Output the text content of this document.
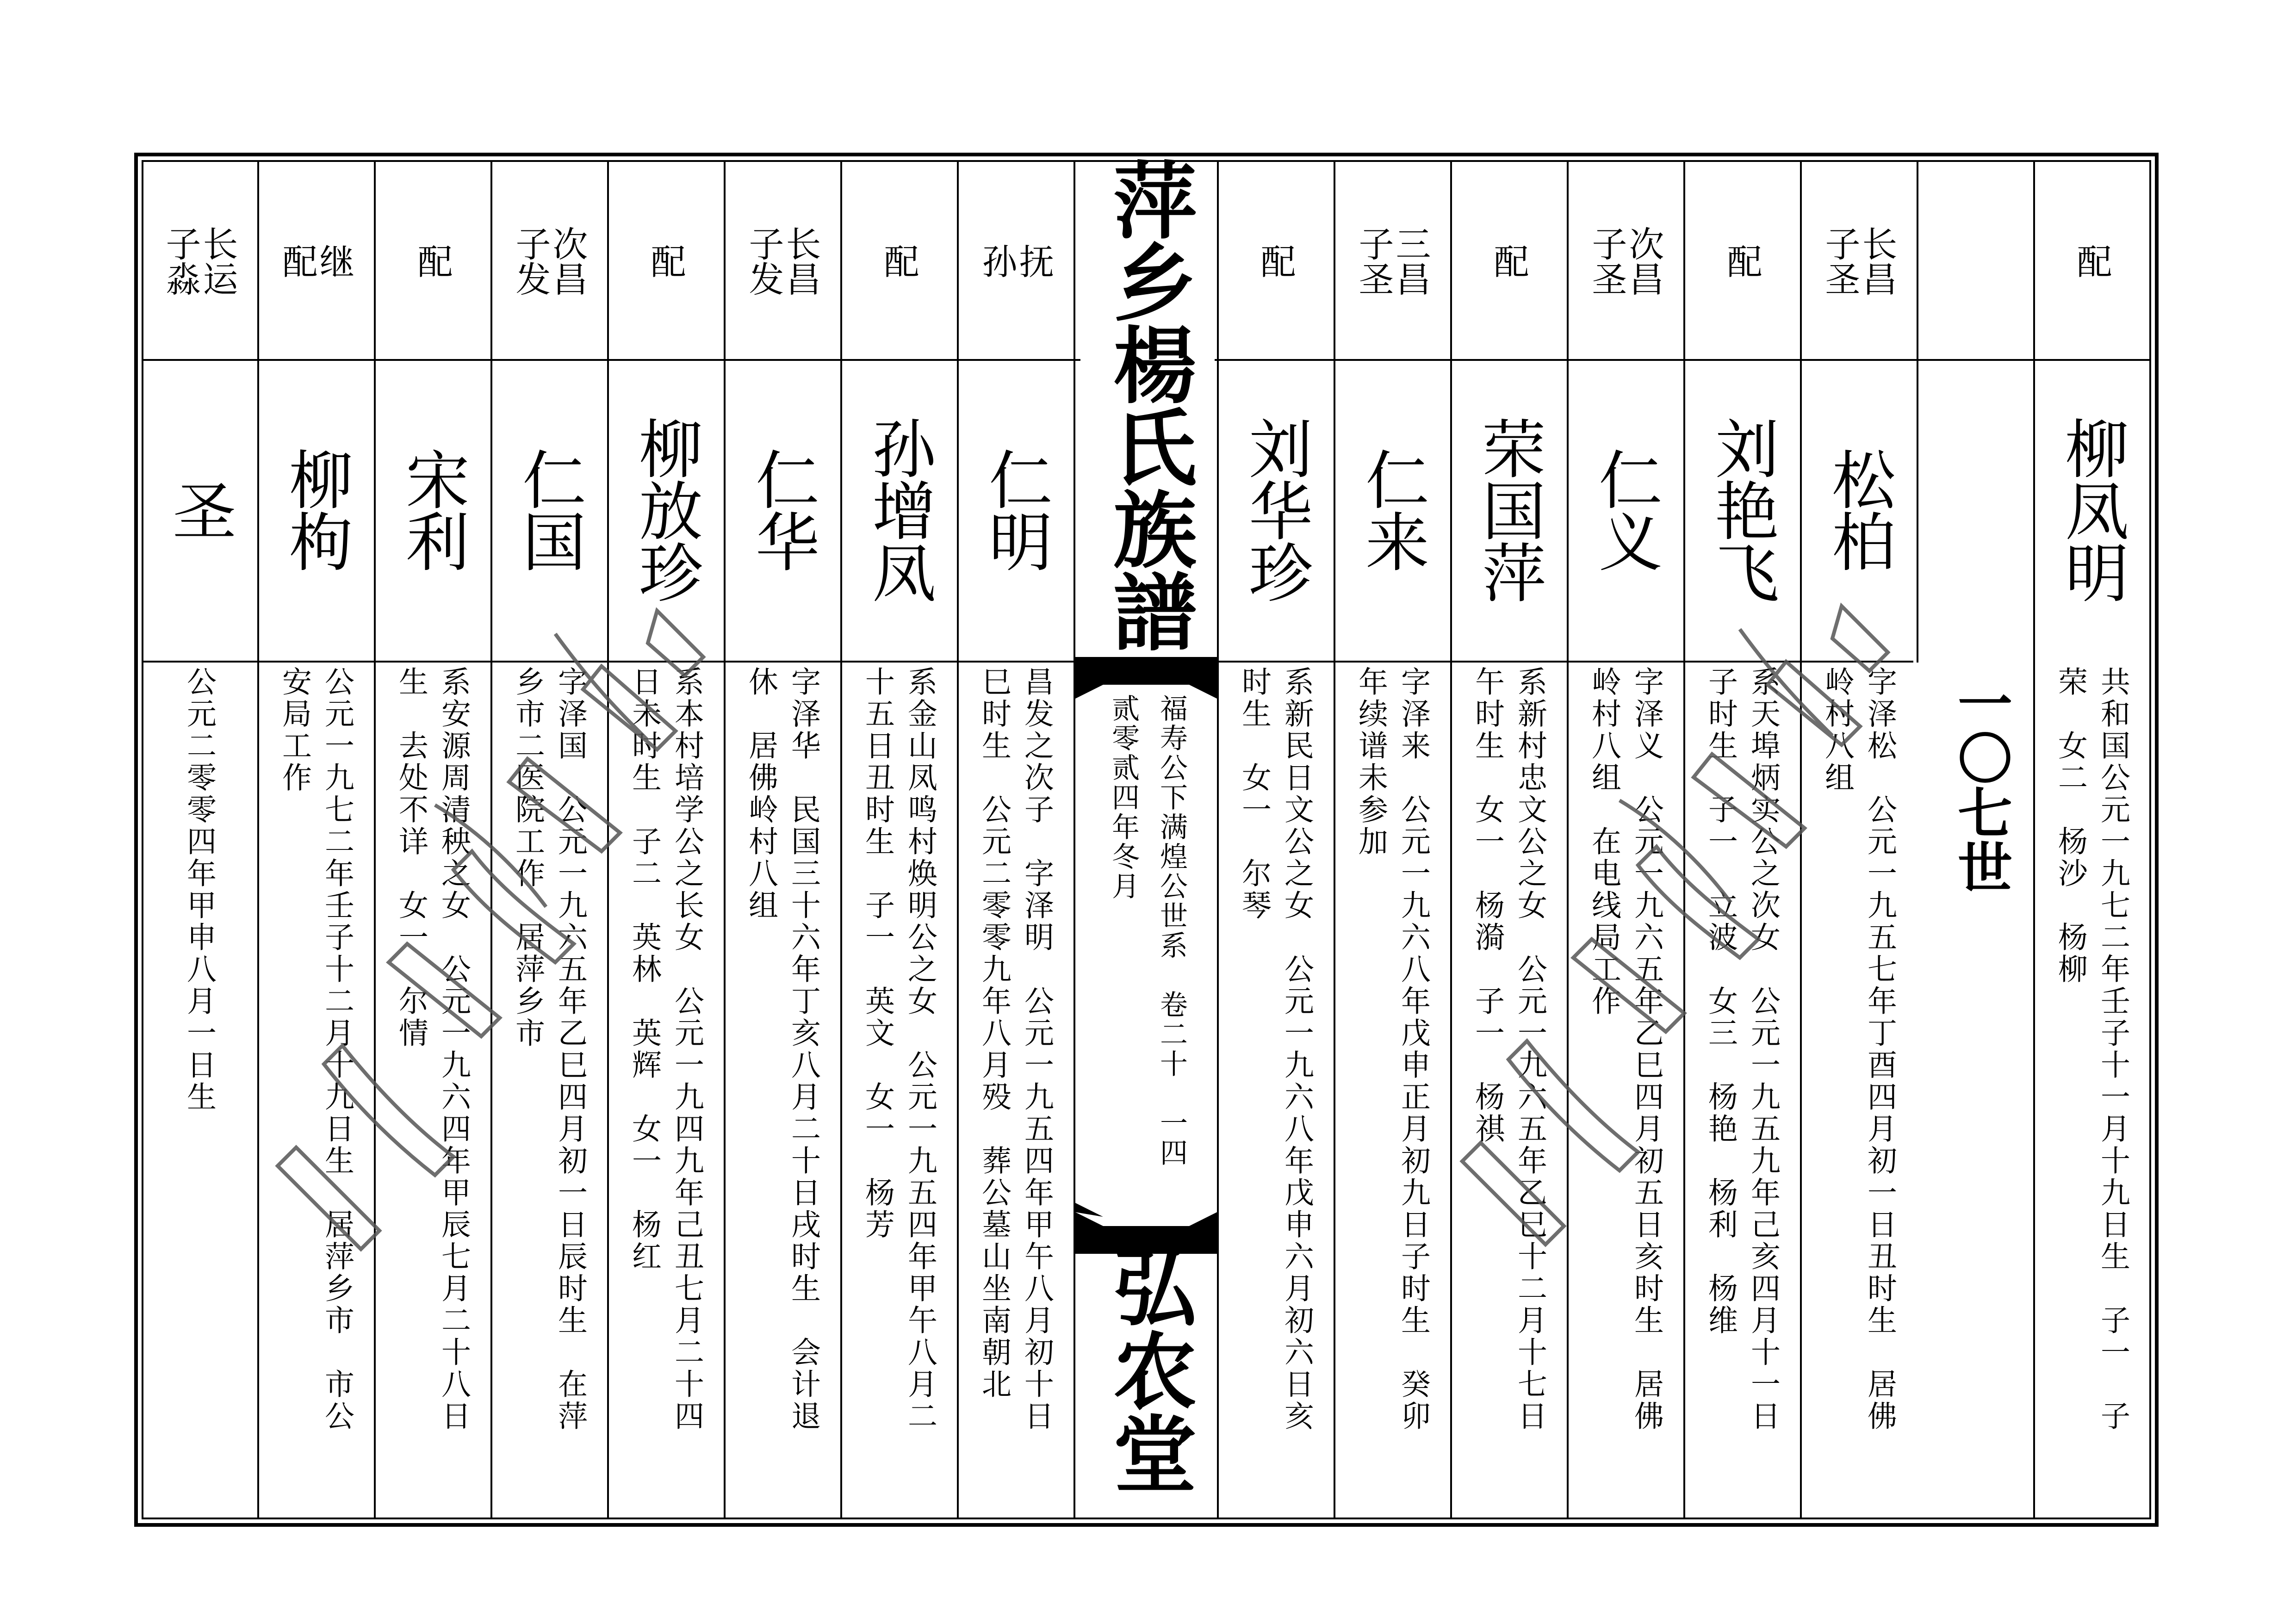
萍乡楊氏族譜
福寿公下满煌公世系　卷二十　一四
贰零贰四年冬月
弘农堂
一〇七世
配
柳凤明
共和国公元一九七二年壬子十一月十九日生　子一　子
荣　女二　杨沙　杨柳
长昌
子圣
松柏
字泽松　公元一九五七年丁酉四月初一日丑时生　居佛
岭村八组
配
刘艳飞
系天埠炳实公之次女　公元一九五九年己亥四月十一日
子时生　子一　立波　女三　杨艳　杨利　杨维
次昌
子圣
仁义
字泽义　公元一九六五年乙巳四月初五日亥时生　居佛
岭村八组　在电线局工作
配
荣国萍
系新村忠文公之女　公元一九六五年乙巳十二月十七日
午时生　女一　杨漪　子一　杨祺
三昌
子圣
仁来
字泽来　公元一九六八年戊申正月初九日子时生　癸卯
年续谱未参加
配
刘华珍
系新民日文公之女　公元一九六八年戊申六月初六日亥
时生　女一　尔琴
抚
孙
仁明
昌发之次子　字泽明　公元一九五四年甲午八月初十日
巳时生　公元二零零九年八月殁　葬公墓山坐南朝北
配
孙增凤
系金山凤鸣村焕明公之女　公元一九五四年甲午八月二
十五日丑时生　子一　英文　女一　杨芳
长昌
子发
仁华
字泽华　民国三十六年丁亥八月二十日戌时生　会计退
休　居佛岭村八组
配
柳放珍
系本村培学公之长女　公元一九四九年己丑七月二十四
日未时生　子二　英林　英辉　女一　杨红
次昌
子发
仁国
字泽国　公元一九六五年乙巳四月初一日辰时生　在萍
乡市二医院工作　居萍乡市
配
宋利
系安源周清秧之女　公元一九六四年甲辰七月二十八日
生　去处不详　女一　尔情
继
配
柳枸
公元一九七二年壬子十二月十九日生　居萍乡市　市公
安局工作
长运
子淼
圣
公元二零零四年甲申八月一日生
